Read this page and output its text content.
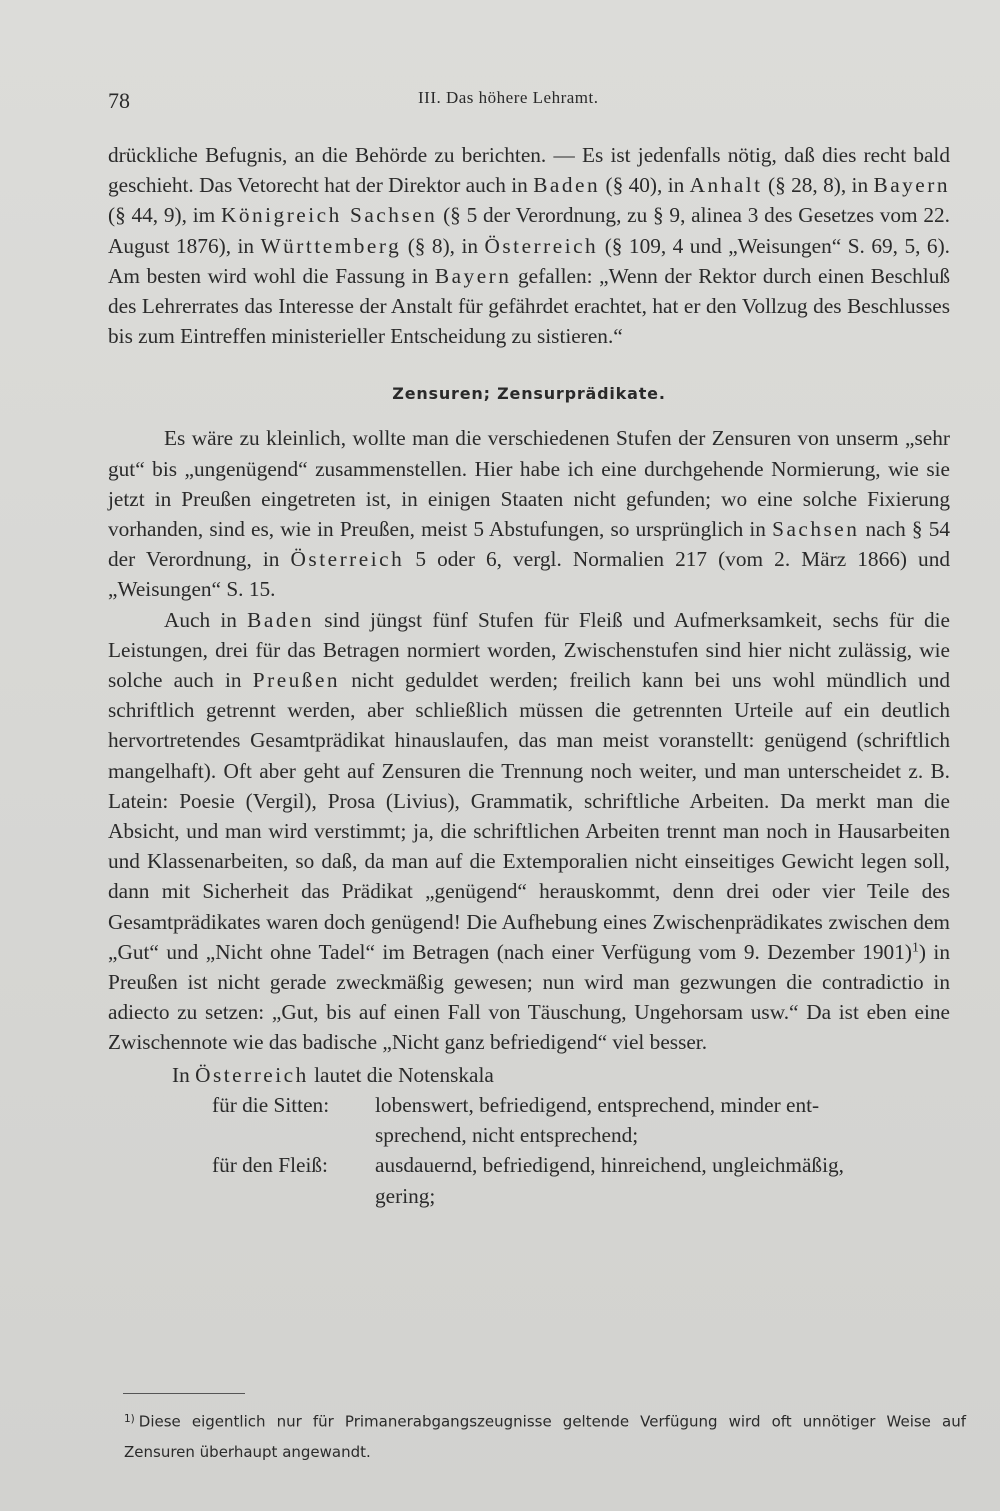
78	III. Das höhere Lehramt.

drückliche Befugnis, an die Behörde zu berichten. — Es ist jedenfalls nötig, daß dies recht bald geschieht. Das Vetorecht hat der Direktor auch in Baden (§ 40), in Anhalt (§ 28, 8), in Bayern (§ 44, 9), im Königreich Sachsen (§ 5 der Verordnung, zu § 9, alinea 3 des Gesetzes vom 22. August 1876), in Württemberg (§ 8), in Österreich (§ 109, 4 und „Weisungen“ S. 69, 5, 6). Am besten wird wohl die Fassung in Bayern gefallen: „Wenn der Rektor durch einen Beschluß des Lehrerrates das Interesse der Anstalt für gefährdet erachtet, hat er den Vollzug des Beschlusses bis zum Eintreffen ministerieller Entscheidung zu sistieren.“

Zensuren; Zensurprädikate.

Es wäre zu kleinlich, wollte man die verschiedenen Stufen der Zensuren von unserm „sehr gut“ bis „ungenügend“ zusammenstellen. Hier habe ich eine durchgehende Normierung, wie sie jetzt in Preußen eingetreten ist, in einigen Staaten nicht gefunden; wo eine solche Fixierung vorhanden, sind es, wie in Preußen, meist 5 Abstufungen, so ursprünglich in Sachsen nach § 54 der Verordnung, in Österreich 5 oder 6, vergl. Normalien 217 (vom 2. März 1866) und „Weisungen“ S. 15.

Auch in Baden sind jüngst fünf Stufen für Fleiß und Aufmerksamkeit, sechs für die Leistungen, drei für das Betragen normiert worden, Zwischenstufen sind hier nicht zulässig, wie solche auch in Preußen nicht geduldet werden; freilich kann bei uns wohl mündlich und schriftlich getrennt werden, aber schließlich müssen die getrennten Urteile auf ein deutlich hervortretendes Gesamtprädikat hinauslaufen, das man meist voranstellt: genügend (schriftlich mangelhaft). Oft aber geht auf Zensuren die Trennung noch weiter, und man unterscheidet z. B. Latein: Poesie (Vergil), Prosa (Livius), Grammatik, schriftliche Arbeiten. Da merkt man die Absicht, und man wird verstimmt; ja, die schriftlichen Arbeiten trennt man noch in Hausarbeiten und Klassenarbeiten, so daß, da man auf die Extemporalien nicht einseitiges Gewicht legen soll, dann mit Sicherheit das Prädikat „genügend“ herauskommt, denn drei oder vier Teile des Gesamtprädikates waren doch genügend! Die Aufhebung eines Zwischenprädikates zwischen dem „Gut“ und „Nicht ohne Tadel“ im Betragen (nach einer Verfügung vom 9. Dezember 1901)$^1$) in Preußen ist nicht gerade zweckmäßig gewesen; nun wird man gezwungen die contradictio in adiecto zu setzen: „Gut, bis auf einen Fall von Täuschung, Ungehorsam usw.“ Da ist eben eine Zwischennote wie das badische „Nicht ganz befriedigend“ viel besser.

In Österreich lautet die Notenskala

für die Sitten:	lobenswert, befriedigend, entsprechend, minder ent-
sprechend, nicht entsprechend;
für den Fleiß:	ausdauernd, befriedigend, hinreichend, ungleichmäßig,
gering;

$^{1)}$ Diese eigentlich nur für Primanerabgangszeugnisse geltende Verfügung wird oft unnötiger Weise auf Zensuren überhaupt angewandt.
